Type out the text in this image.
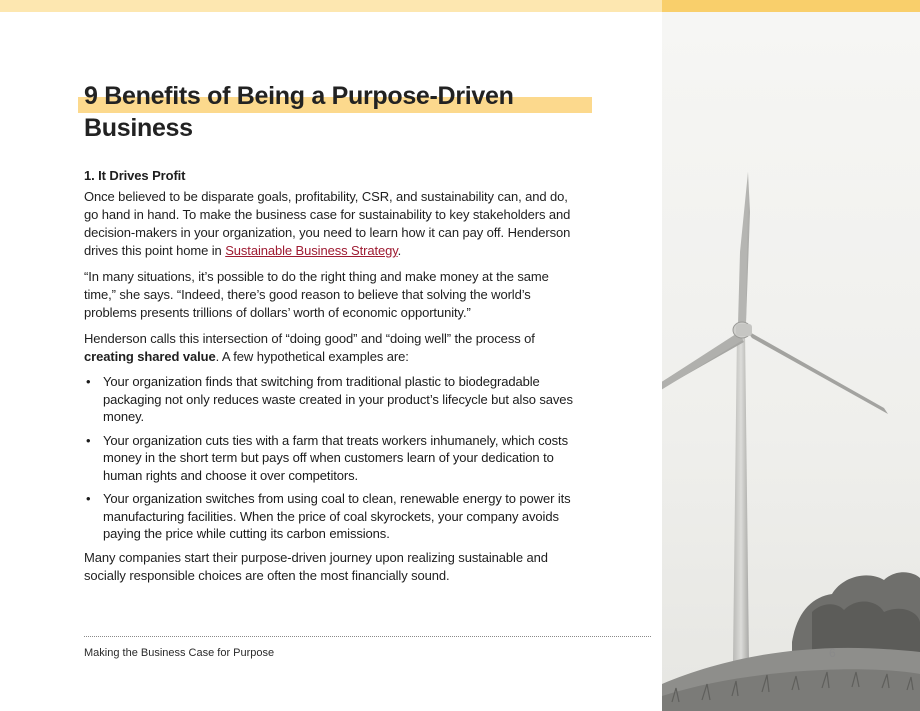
9 Benefits of Being a Purpose-Driven Business
1. It Drives Profit

Once believed to be disparate goals, profitability, CSR, and sustainability can, and do, go hand in hand. To make the business case for sustainability to key stakeholders and decision-makers in your organization, you need to learn how it can pay off. Henderson drives this point home in Sustainable Business Strategy.

“In many situations, it’s possible to do the right thing and make money at the same time,” she says. “Indeed, there’s good reason to believe that solving the world’s problems presents trillions of dollars’ worth of economic opportunity.”

Henderson calls this intersection of “doing good” and “doing well” the process of creating shared value. A few hypothetical examples are:

• Your organization finds that switching from traditional plastic to biodegradable packaging not only reduces waste created in your product’s lifecycle but also saves money.
• Your organization cuts ties with a farm that treats workers inhumanely, which costs money in the short term but pays off when customers learn of your dedication to human rights and choose it over competitors.
• Your organization switches from using coal to clean, renewable energy to power its manufacturing facilities. When the price of coal skyrockets, your company avoids paying the price while cutting its carbon emissions.

Many companies start their purpose-driven journey upon realizing sustainable and socially responsible choices are often the most financially sound.

Making the Business Case for Purpose	6
